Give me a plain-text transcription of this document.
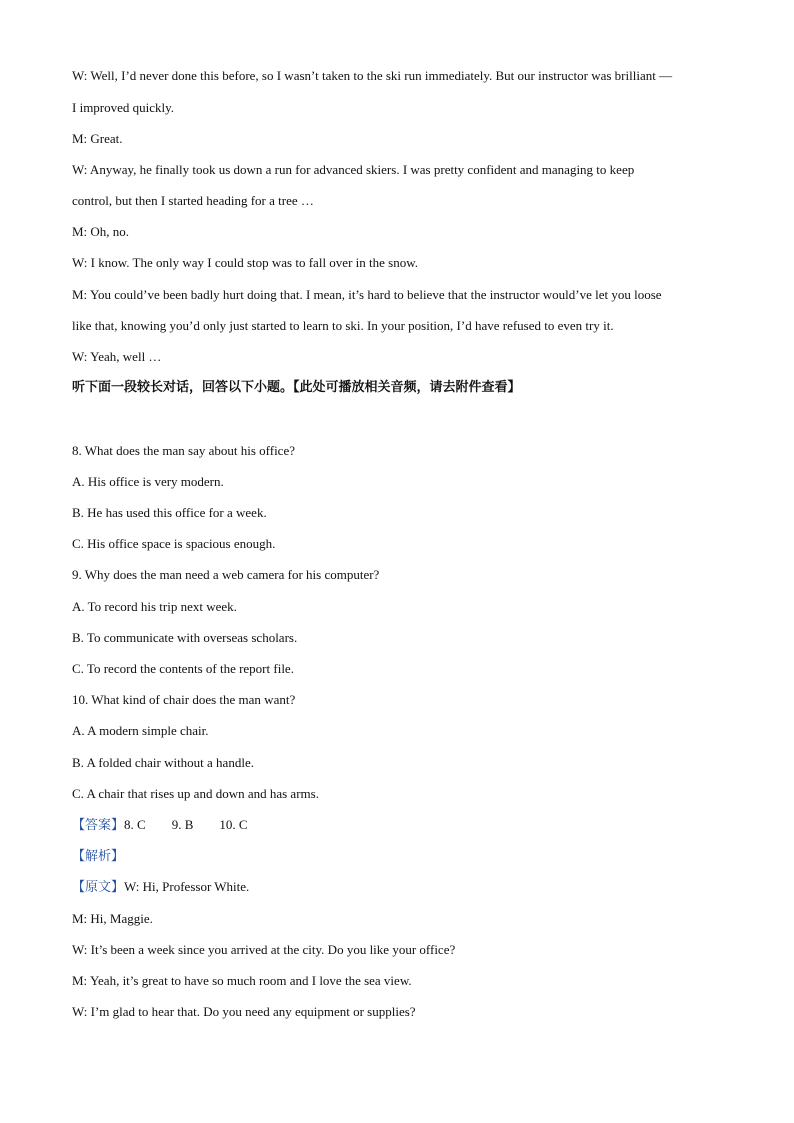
W: Well, I’d never done this before, so I wasn’t taken to the ski run immediately. But our instructor was brilliant —
I improved quickly.
M: Great.
W: Anyway, he finally took us down a run for advanced skiers. I was pretty confident and managing to keep
control, but then I started heading for a tree …
M: Oh, no.
W: I know. The only way I could stop was to fall over in the snow.
M: You could’ve been badly hurt doing that. I mean, it’s hard to believe that the instructor would’ve let you loose
like that, knowing you’d only just started to learn to ski. In your position, I’d have refused to even try it.
W: Yeah, well …
听下面一段较长对话，回答以下小题。【此处可播放相关音频，请去附件查看】
8. What does the man say about his office?
A. His office is very modern.
B. He has used this office for a week.
C. His office space is spacious enough.
9. Why does the man need a web camera for his computer?
A. To record his trip next week.
B. To communicate with overseas scholars.
C. To record the contents of the report file.
10. What kind of chair does the man want?
A. A modern simple chair.
B. A folded chair without a handle.
C. A chair that rises up and down and has arms.
【答案】8. C 9. B 10. C
【解析】
【原文】W: Hi, Professor White.
M: Hi, Maggie.
W: It’s been a week since you arrived at the city. Do you like your office?
M: Yeah, it’s great to have so much room and I love the sea view.
W: I’m glad to hear that. Do you need any equipment or supplies?
